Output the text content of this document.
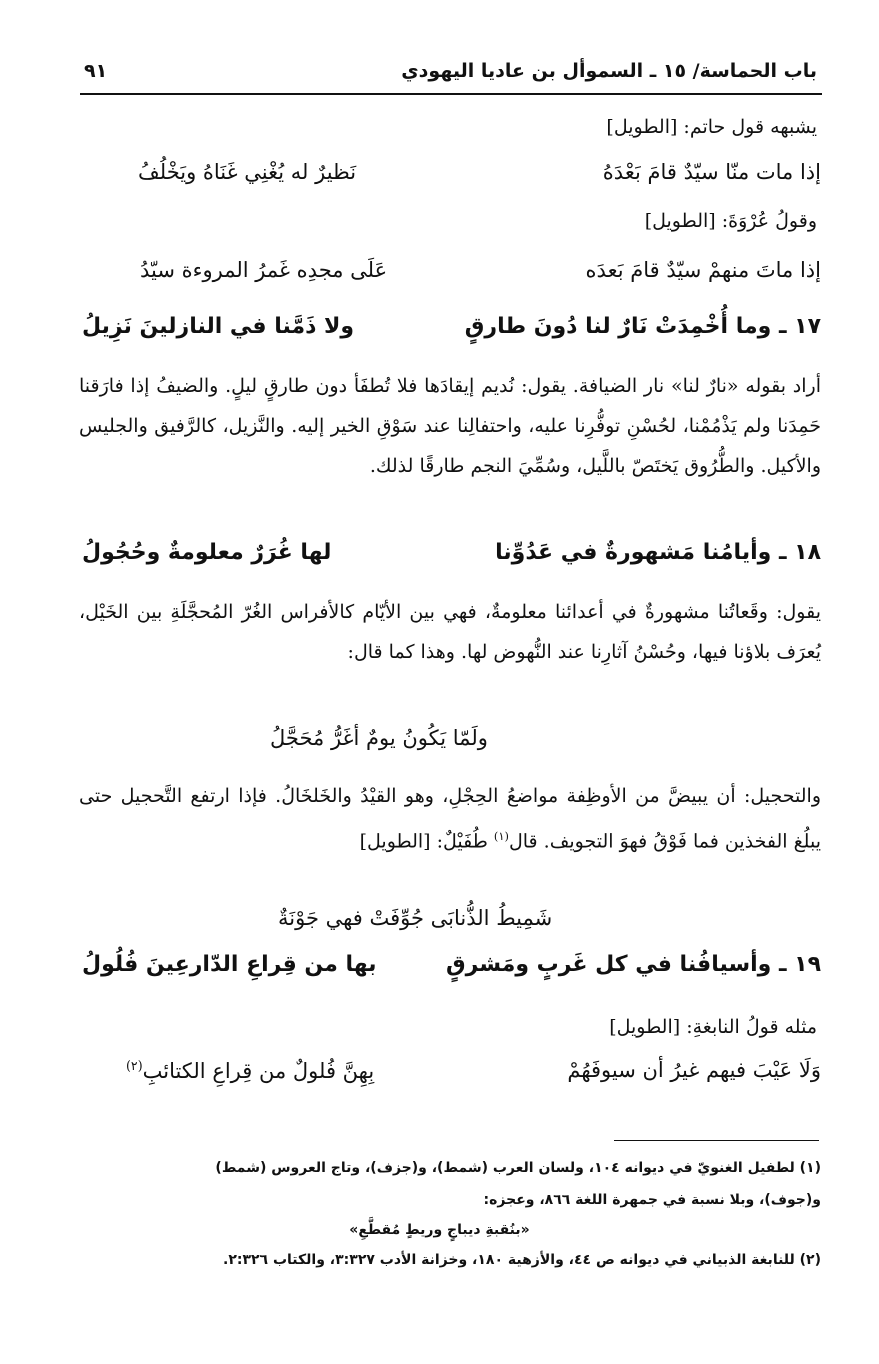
باب الحماسة/ ١٥ ـ السموأل بن عاديا اليهودي
٩١
يشبهه قول حاتم: [الطويل]
إذا مات منّا سيّدٌ قامَ بَعْدَهُ
نَظيرٌ له يُغْنِي غَنَاهُ ويَخْلُفُ
وقولُ عُرْوَةَ: [الطويل]
إذا ماتَ منهمْ سيّدٌ قامَ بَعدَه
عَلَى مجدِه غَمرُ المروءة سيّدُ
١٧ ـ وما أُخْمِدَتْ نَارٌ لنا دُونَ طارقٍ
ولا ذَمَّنا في النازلينَ نَزِيلُ
أراد بقوله «نارٌ لنا» نار الضيافة. يقول: نُديم إيقادَها فلا تُطفَأ دون طارقٍ ليلٍ. والضيفُ إذا فارَقنا حَمِدَنا ولم يَذْمُمْنا، لحُسْنِ توفُّرِنا عليه، واحتفالِنا عند سَوْقِ الخير إليه. والنَّزيل، كالرَّفيق والجليس والأكيل. والطُّرُوق يَختَصّ باللَّيل، وسُمِّيَ النجم طارقًا لذلك.
١٨ ـ وأيامُنا مَشهورةٌ في عَدُوِّنا
لها غُرَرٌ معلومةٌ وحُجُولُ
يقول: وقَعاتُنا مشهورةٌ في أعدائنا معلومةٌ، فهي بين الأيّام كالأفراس الغُرّ المُحجَّلَةِ بين الخَيْل، يُعرَف بلاؤنا فيها، وحُسْنُ آثارِنا عند النُّهوض لها. وهذا كما قال:
ولَمّا يَكُونُ يومٌ أغَرُّ مُحَجَّلُ
والتحجيل: أن يبيضَّ من الأوظِفة مواضعُ الحِجْلِ، وهو القيْدُ والخَلخَالُ. فإذا ارتفع التَّحجيل حتى يبلُغ الفخذين فما فَوْقُ فهوَ التجويف. قال$^{(١)}$ طُفَيْلٌ: [الطويل]
شَمِيطُ الذُّنابَى جُوِّفَتْ فهي جَوْنَةٌ
١٩ ـ وأسيافُنا في كل غَربٍ ومَشرقٍ
بها من قِراعِ الدّارعِينَ فُلُولُ
مثله قولُ النابغةِ: [الطويل]
وَلَا عَيْبَ فيهم غيرُ أن سيوفَهُمْ
بِهِنَّ فُلولٌ من قِراعِ الكتائبِ$^{(٢)}$
(١) لطفيل الغنويّ في ديوانه ١٠٤، ولسان العرب (شمط)، و(جزف)، وتاج العروس (شمط)
و(جوف)، وبلا نسبة في جمهرة اللغة ٨٦٦، وعجزه:
«بنُقبةِ ديباجٍ وريطٍ مُقطَّعِ»
(٢) للنابغة الذبياني في ديوانه ص ٤٤، والأزهية ١٨٠، وخزانة الأدب ٣:٣٢٧، والكتاب ٢:٣٢٦.
